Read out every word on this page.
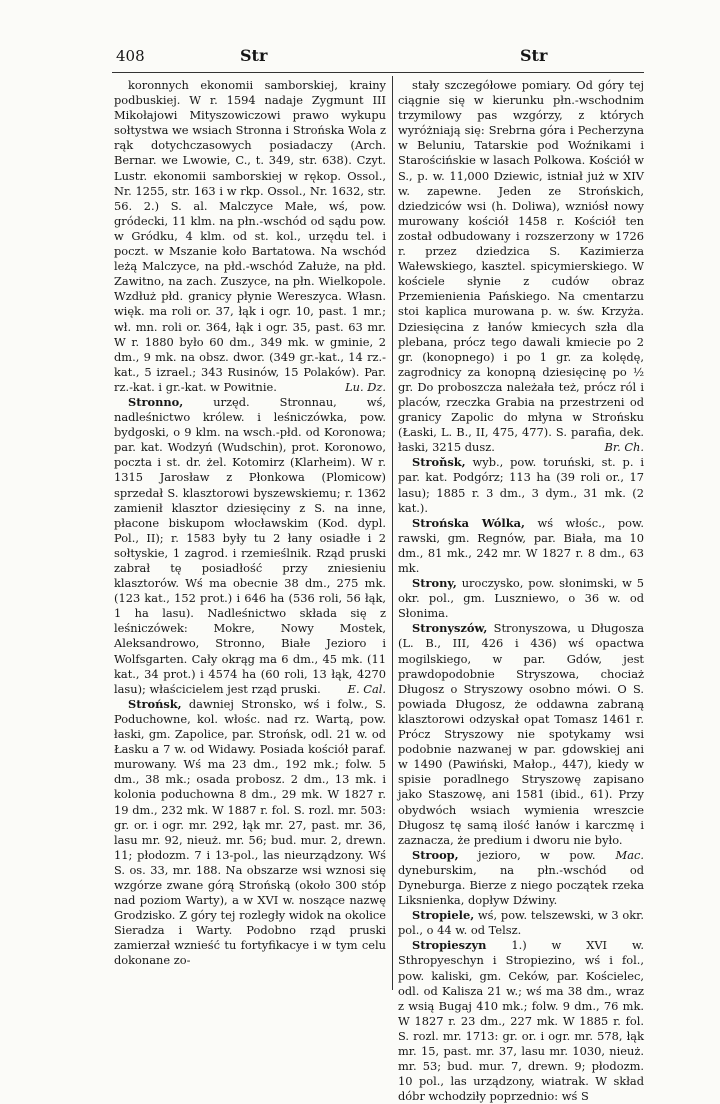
408	Str	Str

koronnych ekonomii samborskiej, krainy podbuskiej. W r. 1594 nadaje Zygmunt III Mikołajowi Mityszowiczowi prawo wykupu sołtystwa we wsiach Stronna i Strońska Wola z rąk dotychczasowych posiadaczy (Arch. Bernar. we Lwowie, C., t. 349, str. 638). Czyt. Lustr. ekonomii samborskiej w rękop. Ossol., Nr. 1255, str. 163 i w rkp. Ossol., Nr. 1632, str. 56. 2.) S. al. Malczyce Małe, wś, pow. gródecki, 11 klm. na płn.-wschód od sądu pow. w Gródku, 4 klm. od st. kol., urzędu tel. i poczt. w Mszanie koło Bartatowa. Na wschód leżą Malczyce, na płd.-wschód Załuże, na płd. Zawitno, na zach. Zuszyce, na płn. Wielkopole. Wzdłuż płd. granicy płynie Wereszyca. Własn. więk. ma roli or. 37, łąk i ogr. 10, past. 1 mr.; wł. mn. roli or. 364, łąk i ogr. 35, past. 63 mr. W r. 1880 było 60 dm., 349 mk. w gminie, 2 dm., 9 mk. na obsz. dwor. (349 gr.-kat., 14 rz.-kat., 5 izrael.; 343 Rusinów, 15 Polaków). Par. rz.-kat. i gr.-kat. w Powitnie.	Lu. Dz.

Stronno, urzęd. Stronnau, wś, nadleśnictwo królew. i leśniczówka, pow. bydgoski, o 9 klm. na wsch.-płd. od Koronowa; par. kat. Wodzyń (Wudschin), prot. Koronowo, poczta i st. dr. żel. Kotomirz (Klarheim). W r. 1315 Jarosław z Płonkowa (Plomicow) sprzedał S. klasztorowi byszewskiemu; r. 1362 zamienił klasztor dziesięciny z S. na inne, płacone biskupom włocławskim (Kod. dypl. Pol., II); r. 1583 były tu 2 łany osiadłe i 2 sołtyskie, 1 zagrod. i rzemieślnik. Rząd pruski zabrał tę posiadłość przy zniesieniu klasztorów. Wś ma obecnie 38 dm., 275 mk. (123 kat., 152 prot.) i 646 ha (536 roli, 56 łąk, 1 ha lasu). Nadleśnictwo składa się z leśniczówek: Mokre, Nowy Mostek, Aleksandrowo, Stronno, Białe Jezioro i Wolfsgarten. Cały okrąg ma 6 dm., 45 mk. (11 kat., 34 prot.) i 4574 ha (60 roli, 13 łąk, 4270 lasu); właścicielem jest rząd pruski.	E. Cal.

Strońsk, dawniej Stronsko, wś i folw., S. Poduchowne, kol. włośc. nad rz. Wartą, pow. łaski, gm. Zapolice, par. Strońsk, odl. 21 w. od Łasku a 7 w. od Widawy. Posiada kościół paraf. murowany. Wś ma 23 dm., 192 mk.; folw. 5 dm., 38 mk.; osada probosz. 2 dm., 13 mk. i kolonia poduchowna 8 dm., 29 mk. W 1827 r. 19 dm., 232 mk. W 1887 r. fol. S. rozl. mr. 503: gr. or. i ogr. mr. 292, łąk mr. 27, past. mr. 36, lasu mr. 92, nieuż. mr. 56; bud. mur. 2, drewn. 11; płodozm. 7 i 13-pol., las nieurządzony. Wś S. os. 33, mr. 188. Na obszarze wsi wznosi się wzgórze zwane górą Strońską (około 300 stóp nad poziom Warty), a w XVI w. noszące nazwę Grodzisko. Z góry tej rozległy widok na okolice Sieradza i Warty. Podobno rząd pruski zamierzał wznieść tu fortyfikacye i w tym celu dokonane zo-

stały szczegółowe pomiary. Od góry tej ciągnie się w kierunku płn.-wschodnim trzymilowy pas wzgórzy, z których wyróżniają się: Srebrna góra i Pecherzyna w Beluniu, Tatarskie pod Woźnikami i Starościńskie w lasach Polkowa. Kościół w S., p. w. 11,000 Dziewic, istniał już w XIV w. zapewne. Jeden ze Strońskich, dziedziców wsi (h. Doliwa), wzniósł nowy murowany kościół 1458 r. Kościół ten został odbudowany i rozszerzony w 1726 r. przez dziedzica S. Kazimierza Wałewskiego, kasztel. spicymierskiego. W kościele słynie z cudów obraz Przemienienia Pańskiego. Na cmentarzu stoi kaplica murowana p. w. św. Krzyża. Dziesięcina z łanów kmiecych szła dla plebana, prócz tego dawali kmiecie po 2 gr. (konopnego) i po 1 gr. za kolędę, zagrodnicy za konopną dziesięcinę po ½ gr. Do proboszcza należała też, prócz ról i placów, rzeczka Grabia na przestrzeni od granicy Zapolic do młyna w Strońsku (Łaski, L. B., II, 475, 477). S. parafia, dek. łaski, 3215 dusz.	Br. Ch.

Stroňsk, wyb., pow. toruński, st. p. i par. kat. Podgórz; 113 ha (39 roli or., 17 lasu); 1885 r. 3 dm., 3 dym., 31 mk. (2 kat.).

Strońska Wólka, wś włośc., pow. rawski, gm. Regnów, par. Biała, ma 10 dm., 81 mk., 242 mr. W 1827 r. 8 dm., 63 mk.

Strony, uroczysko, pow. słonimski, w 5 okr. pol., gm. Luszniewo, o 36 w. od Słonima.

Stronyszów, Stronyszowa, u Długosza (L. B., III, 426 i 436) wś opactwa mogilskiego, w par. Gdów, jest prawdopodobnie Stryszowa, chociaż Długosz o Stryszowy osobno mówi. O S. powiada Długosz, że oddawna zabraną klasztorowi odzyskał opat Tomasz 1461 r. Prócz Stryszowy nie spotykamy wsi podobnie nazwanej w par. gdowskiej ani w 1490 (Pawiński, Małop., 447), kiedy w spisie poradlnego Stryszowę zapisano jako Staszowę, ani 1581 (ibid., 61). Przy obydwóch wsiach wymienia wreszcie Długosz tę samą ilość łanów i karczmę i zaznacza, że predium i dworu nie było.
Mac.

Stroop, jezioro, w pow. dyneburskim, na płn.-wschód od Dyneburga. Bierze z niego początek rzeka Liksnienka, dopływ Dźwiny.

Stropiele, wś, pow. telszewski, w 3 okr. pol., o 44 w. od Telsz.

Stropieszyn 1.) w XVI w. Sthropyeschyn i Stropiezino, wś i fol., pow. kaliski, gm. Ceków, par. Kościelec, odl. od Kalisza 21 w.; wś ma 38 dm., wraz z wsią Bugaj 410 mk.; folw. 9 dm., 76 mk. W 1827 r. 23 dm., 227 mk. W 1885 r. fol. S. rozl. mr. 1713: gr. or. i ogr. mr. 578, łąk mr. 15, past. mr. 37, lasu mr. 1030, nieuż. mr. 53; bud. mur. 7, drewn. 9; płodozm. 10 pol., las urządzony, wiatrak. W skład dóbr wchodziły poprzednio: wś S
